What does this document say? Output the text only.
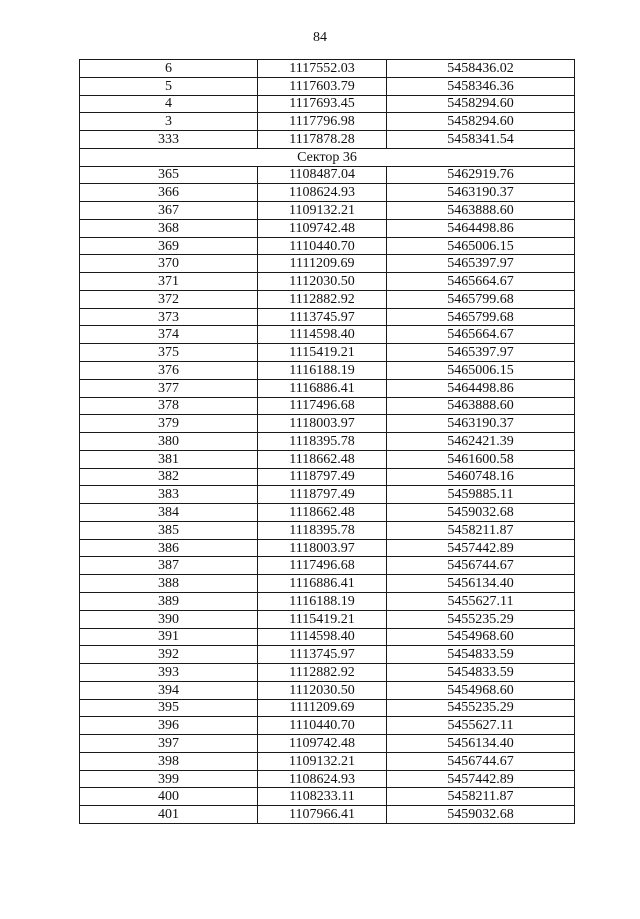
84
6	1117552.03	5458436.02
5	1117603.79	5458346.36
4	1117693.45	5458294.60
3	1117796.98	5458294.60
333	1117878.28	5458341.54
Сектор 36		
365	1108487.04	5462919.76
366	1108624.93	5463190.37
367	1109132.21	5463888.60
368	1109742.48	5464498.86
369	1110440.70	5465006.15
370	1111209.69	5465397.97
371	1112030.50	5465664.67
372	1112882.92	5465799.68
373	1113745.97	5465799.68
374	1114598.40	5465664.67
375	1115419.21	5465397.97
376	1116188.19	5465006.15
377	1116886.41	5464498.86
378	1117496.68	5463888.60
379	1118003.97	5463190.37
380	1118395.78	5462421.39
381	1118662.48	5461600.58
382	1118797.49	5460748.16
383	1118797.49	5459885.11
384	1118662.48	5459032.68
385	1118395.78	5458211.87
386	1118003.97	5457442.89
387	1117496.68	5456744.67
388	1116886.41	5456134.40
389	1116188.19	5455627.11
390	1115419.21	5455235.29
391	1114598.40	5454968.60
392	1113745.97	5454833.59
393	1112882.92	5454833.59
394	1112030.50	5454968.60
395	1111209.69	5455235.29
396	1110440.70	5455627.11
397	1109742.48	5456134.40
398	1109132.21	5456744.67
399	1108624.93	5457442.89
400	1108233.11	5458211.87
401	1107966.41	5459032.68
